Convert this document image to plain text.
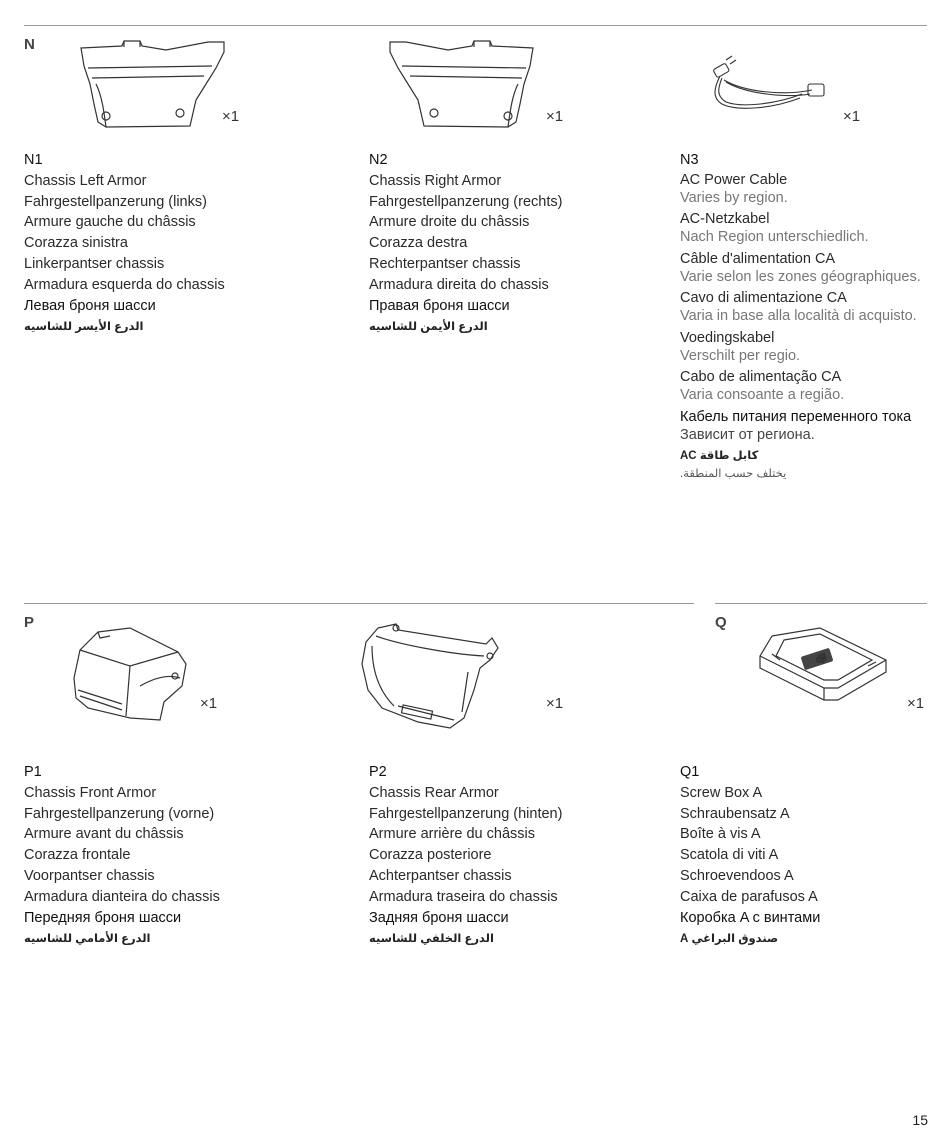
N
×1	×1	×1
N1
Chassis Left Armor
Fahrgestellpanzerung (links)
Armure gauche du châssis
Corazza sinistra
Linkerpantser chassis
Armadura esquerda do chassis
Левая броня шасси
الدرع الأيسر للشاسيه
N2
Chassis Right Armor
Fahrgestellpanzerung (rechts)
Armure droite du châssis
Corazza destra
Rechterpantser chassis
Armadura direita do chassis
Правая броня шасси
الدرع الأيمن للشاسيه
N3
AC Power Cable
Varies by region.
AC-Netzkabel
Nach Region unterschiedlich.
Câble d'alimentation CA
Varie selon les zones géographiques.
Cavo di alimentazione CA
Varia in base alla località di acquisto.
Voedingskabel
Verschilt per regio.
Cabo de alimentação CA
Varia consoante a região.
Кабель питания переменного тока
Зависит от региона.
كابل طاقة AC
يختلف حسب المنطقة.
P	Q
×1	×1
dji
×1
P1
Chassis Front Armor
Fahrgestellpanzerung (vorne)
Armure avant du châssis
Corazza frontale
Voorpantser chassis
Armadura dianteira do chassis
Передняя броня шасси
الدرع الأمامي للشاسيه
P2
Chassis Rear Armor
Fahrgestellpanzerung (hinten)
Armure arrière du châssis
Corazza posteriore
Achterpantser chassis
Armadura traseira do chassis
Задняя броня шасси
الدرع الخلفي للشاسيه
Q1
Screw Box A
Schraubensatz A
Boîte à vis A
Scatola di viti A
Schroevendoos A
Caixa de parafusos A
Коробка A с винтами
صندوق البراغي A
15
